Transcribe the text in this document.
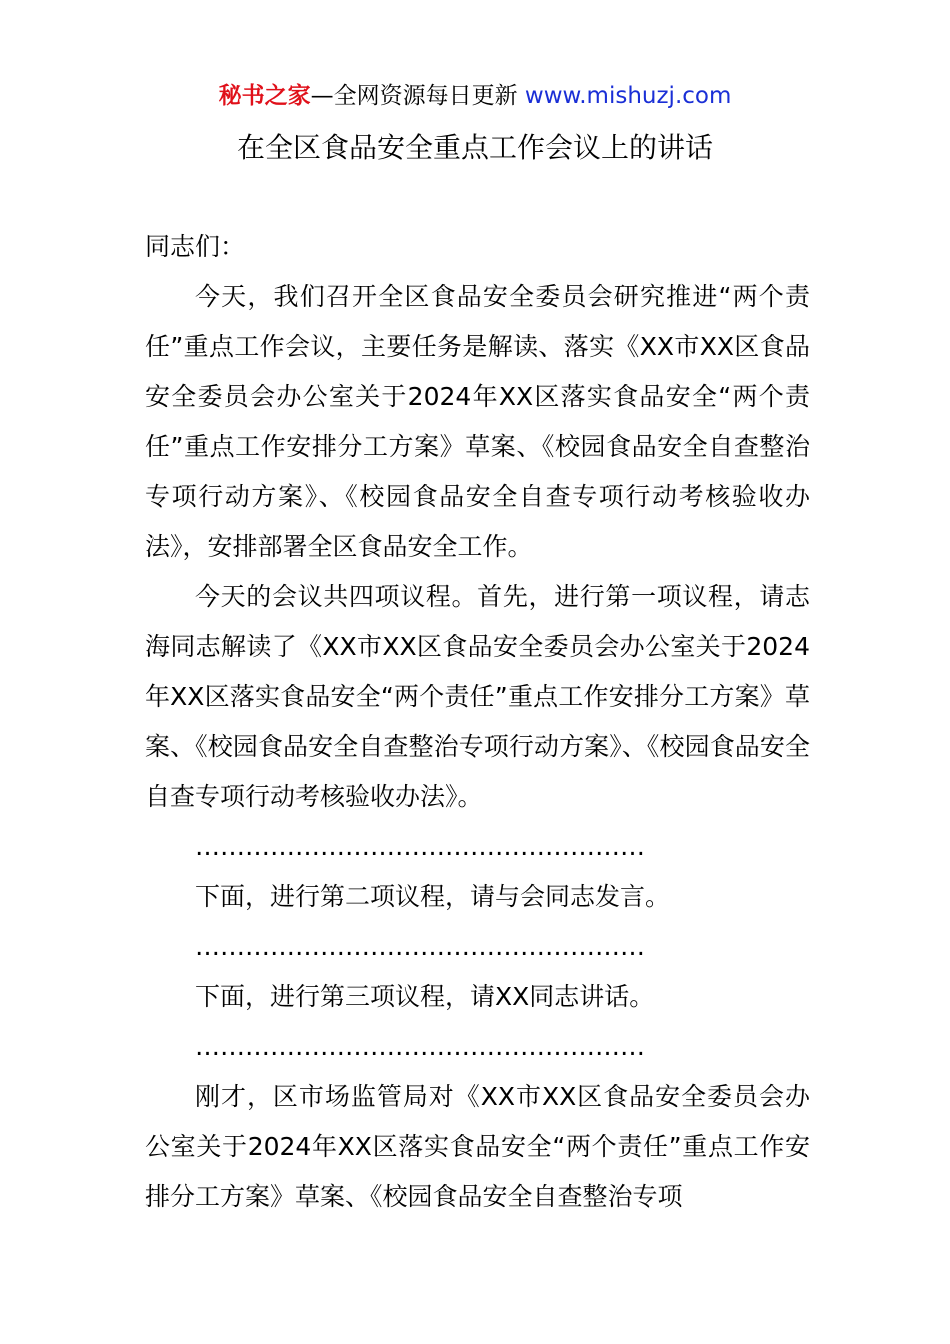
秘书之家—全网资源每日更新 www.mishuzj.com
在全区食品安全重点工作会议上的讲话

同志们：

今天，我们召开全区食品安全委员会研究推进“两个责任”重点工作会议，主要任务是解读、落实《XX市XX区食品安全委员会办公室关于2024年XX区落实食品安全“两个责任”重点工作安排分工方案》草案、《校园食品安全自查整治专项行动方案》、《校园食品安全自查专项行动考核验收办法》，安排部署全区食品安全工作。

今天的会议共四项议程。首先，进行第一项议程，请志海同志解读了《XX市XX区食品安全委员会办公室关于2024年XX区落实食品安全“两个责任”重点工作安排分工方案》草案、《校园食品安全自查整治专项行动方案》、《校园食品安全自查专项行动考核验收办法》。

………………………………………………

下面，进行第二项议程，请与会同志发言。

………………………………………………

下面，进行第三项议程，请XX同志讲话。

………………………………………………

刚才，区市场监管局对《XX市XX区食品安全委员会办公室关于2024年XX区落实食品安全“两个责任”重点工作安排分工方案》草案、《校园食品安全自查整治专项
